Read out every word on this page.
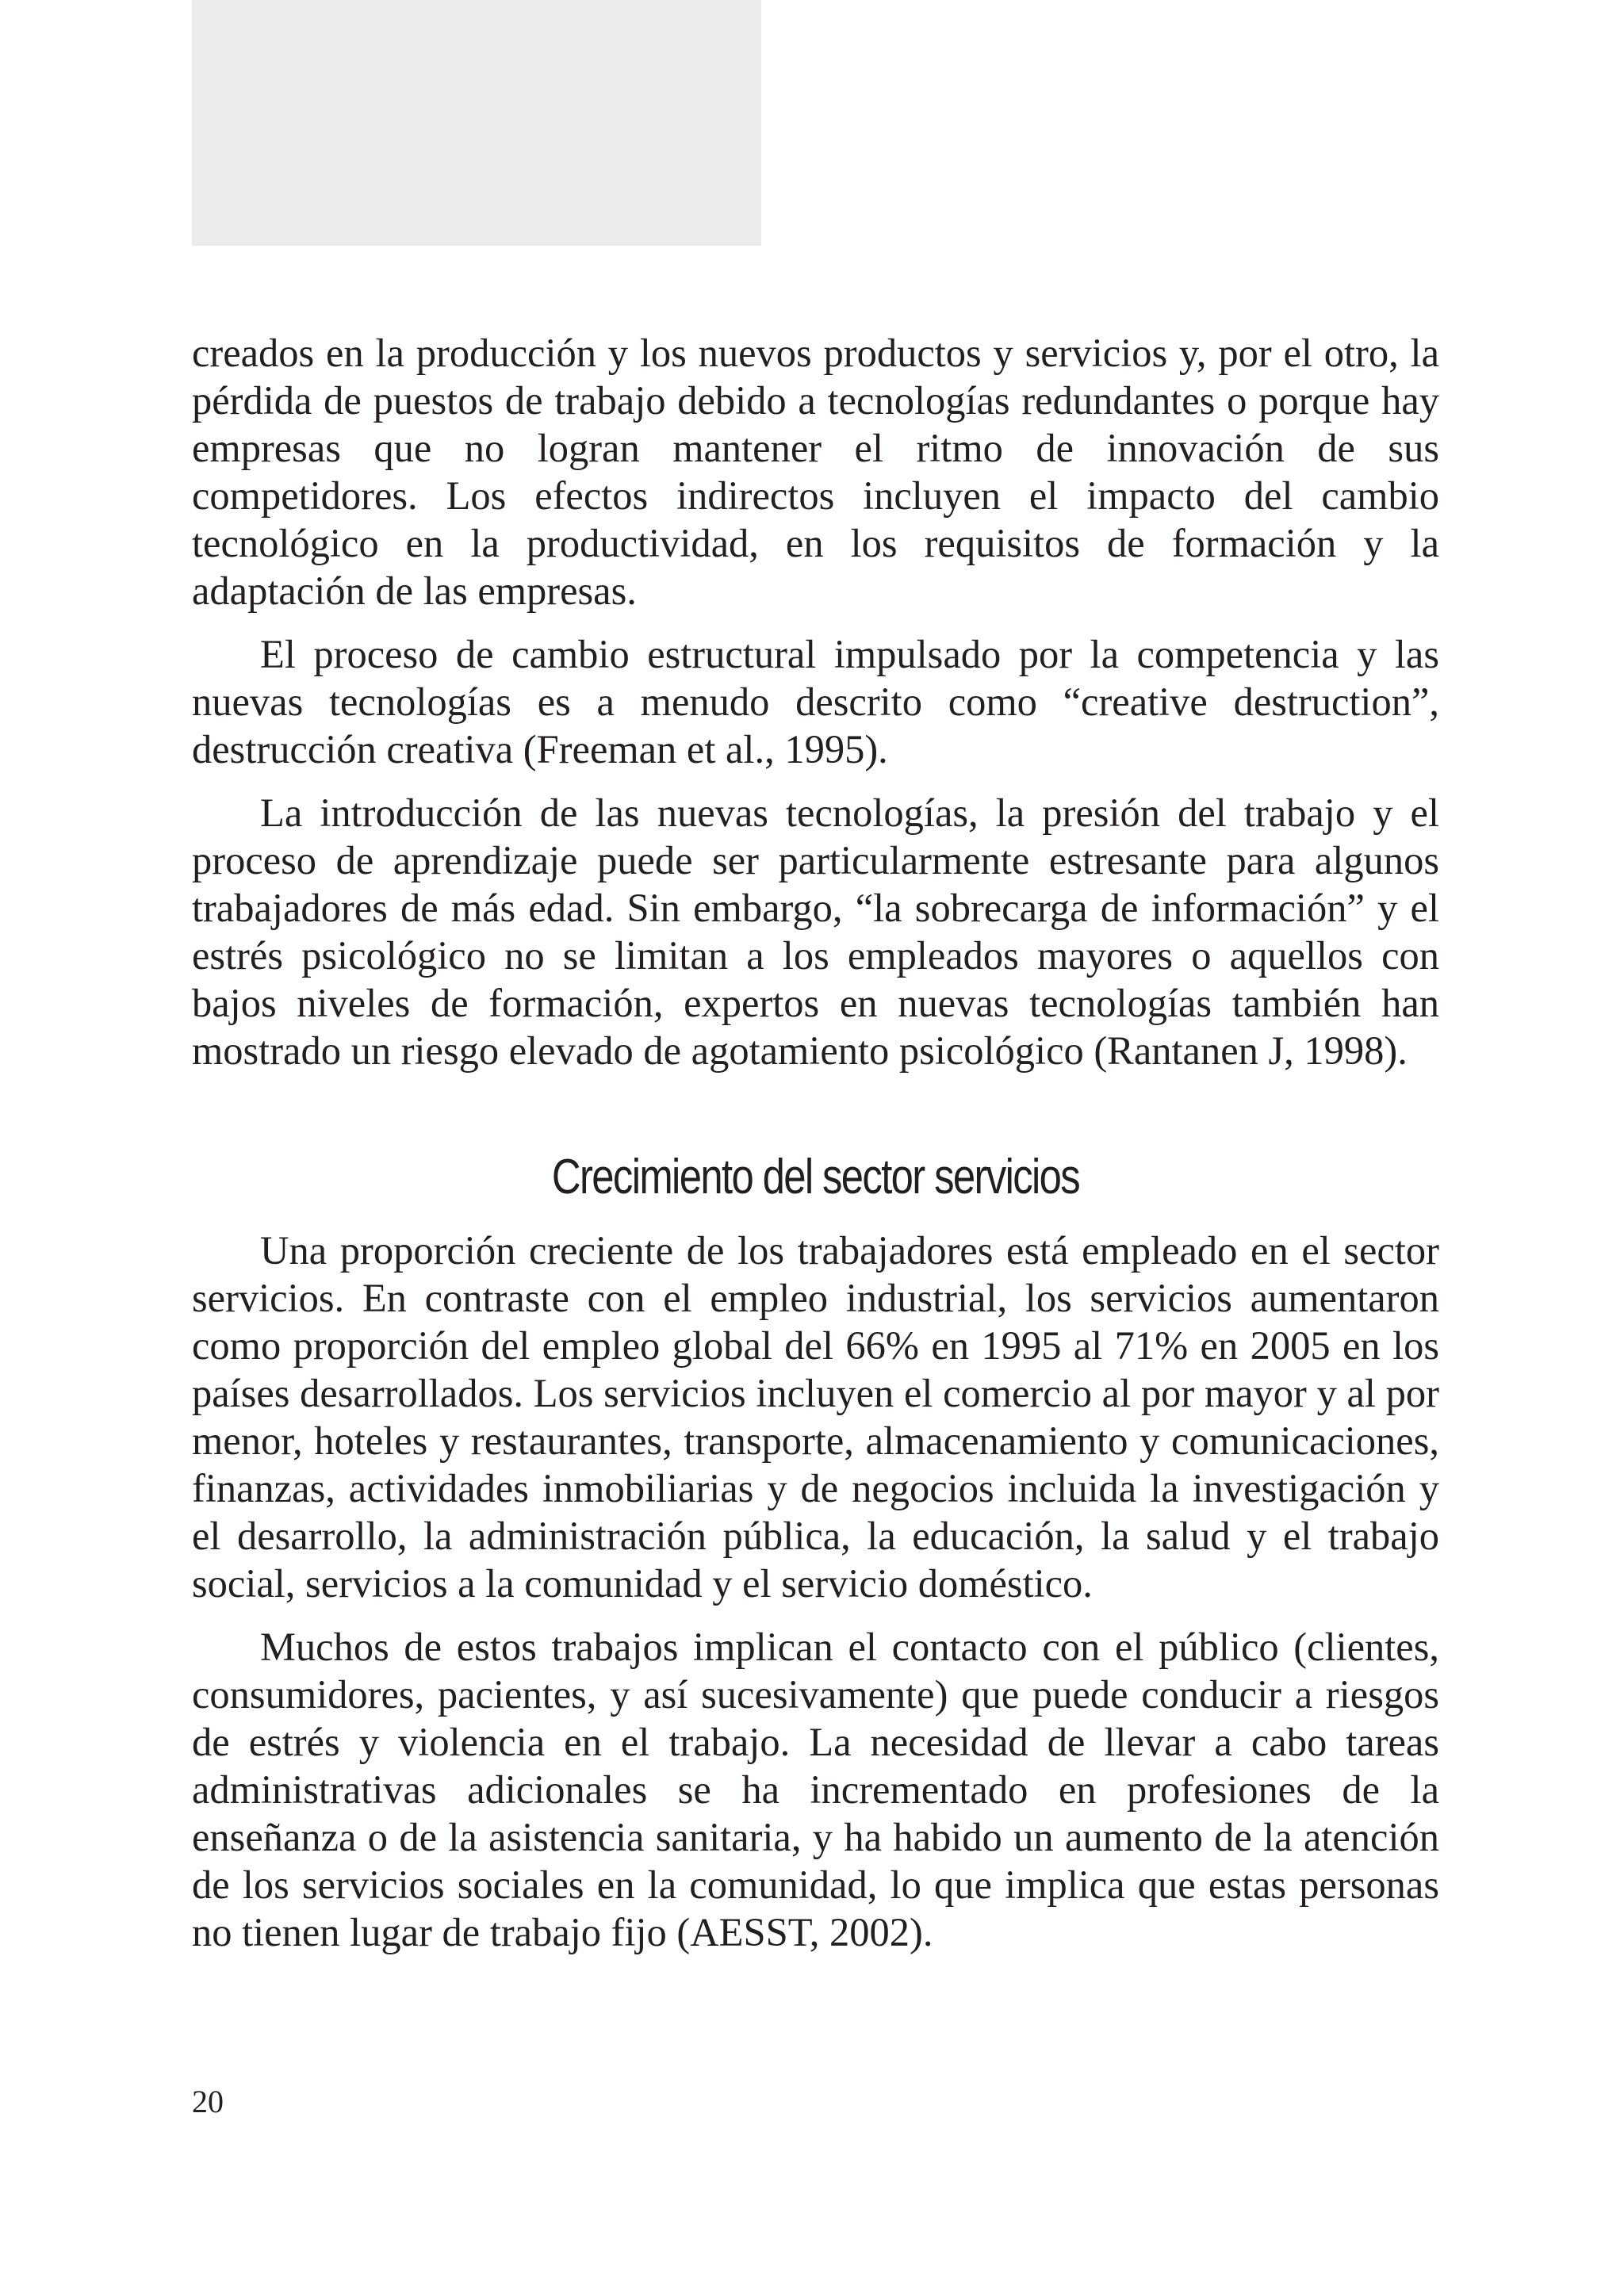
creados en la producción y los nuevos productos y servicios y, por el otro, la pérdida de puestos de trabajo debido a tecnologías redundantes o porque hay empresas que no logran mantener el ritmo de innovación de sus competidores. Los efectos indirectos incluyen el impacto del cambio tecnológico en la productividad, en los requisitos de formación y la adaptación de las empresas.

El proceso de cambio estructural impulsado por la competencia y las nuevas tecnologías es a menudo descrito como “creative destruction”, destrucción creativa (Freeman et al., 1995).

La introducción de las nuevas tecnologías, la presión del trabajo y el proceso de aprendizaje puede ser particularmente estresante para algunos trabajadores de más edad. Sin embargo, “la sobrecarga de información” y el estrés psicológico no se limitan a los empleados mayores o aquellos con bajos niveles de formación, expertos en nuevas tecnologías también han mostrado un riesgo elevado de agotamiento psicológico (Rantanen J, 1998).

Crecimiento del sector servicios

Una proporción creciente de los trabajadores está empleado en el sector servicios. En contraste con el empleo industrial, los servicios aumentaron como proporción del empleo global del 66% en 1995 al 71% en 2005 en los países desarrollados. Los servicios incluyen el comercio al por mayor y al por menor, hoteles y restaurantes, transporte, almacenamiento y comunicaciones, finanzas, actividades inmobiliarias y de negocios incluida la investigación y el desarrollo, la administración pública, la educación, la salud y el trabajo social, servicios a la comunidad y el servicio doméstico.

Muchos de estos trabajos implican el contacto con el público (clientes, consumidores, pacientes, y así sucesivamente) que puede conducir a riesgos de estrés y violencia en el trabajo. La necesidad de llevar a cabo tareas administrativas adicionales se ha incrementado en profesiones de la enseñanza o de la asistencia sanitaria, y ha habido un aumento de la atención de los servicios sociales en la comunidad, lo que implica que estas personas no tienen lugar de trabajo fijo (AESST, 2002).

20
